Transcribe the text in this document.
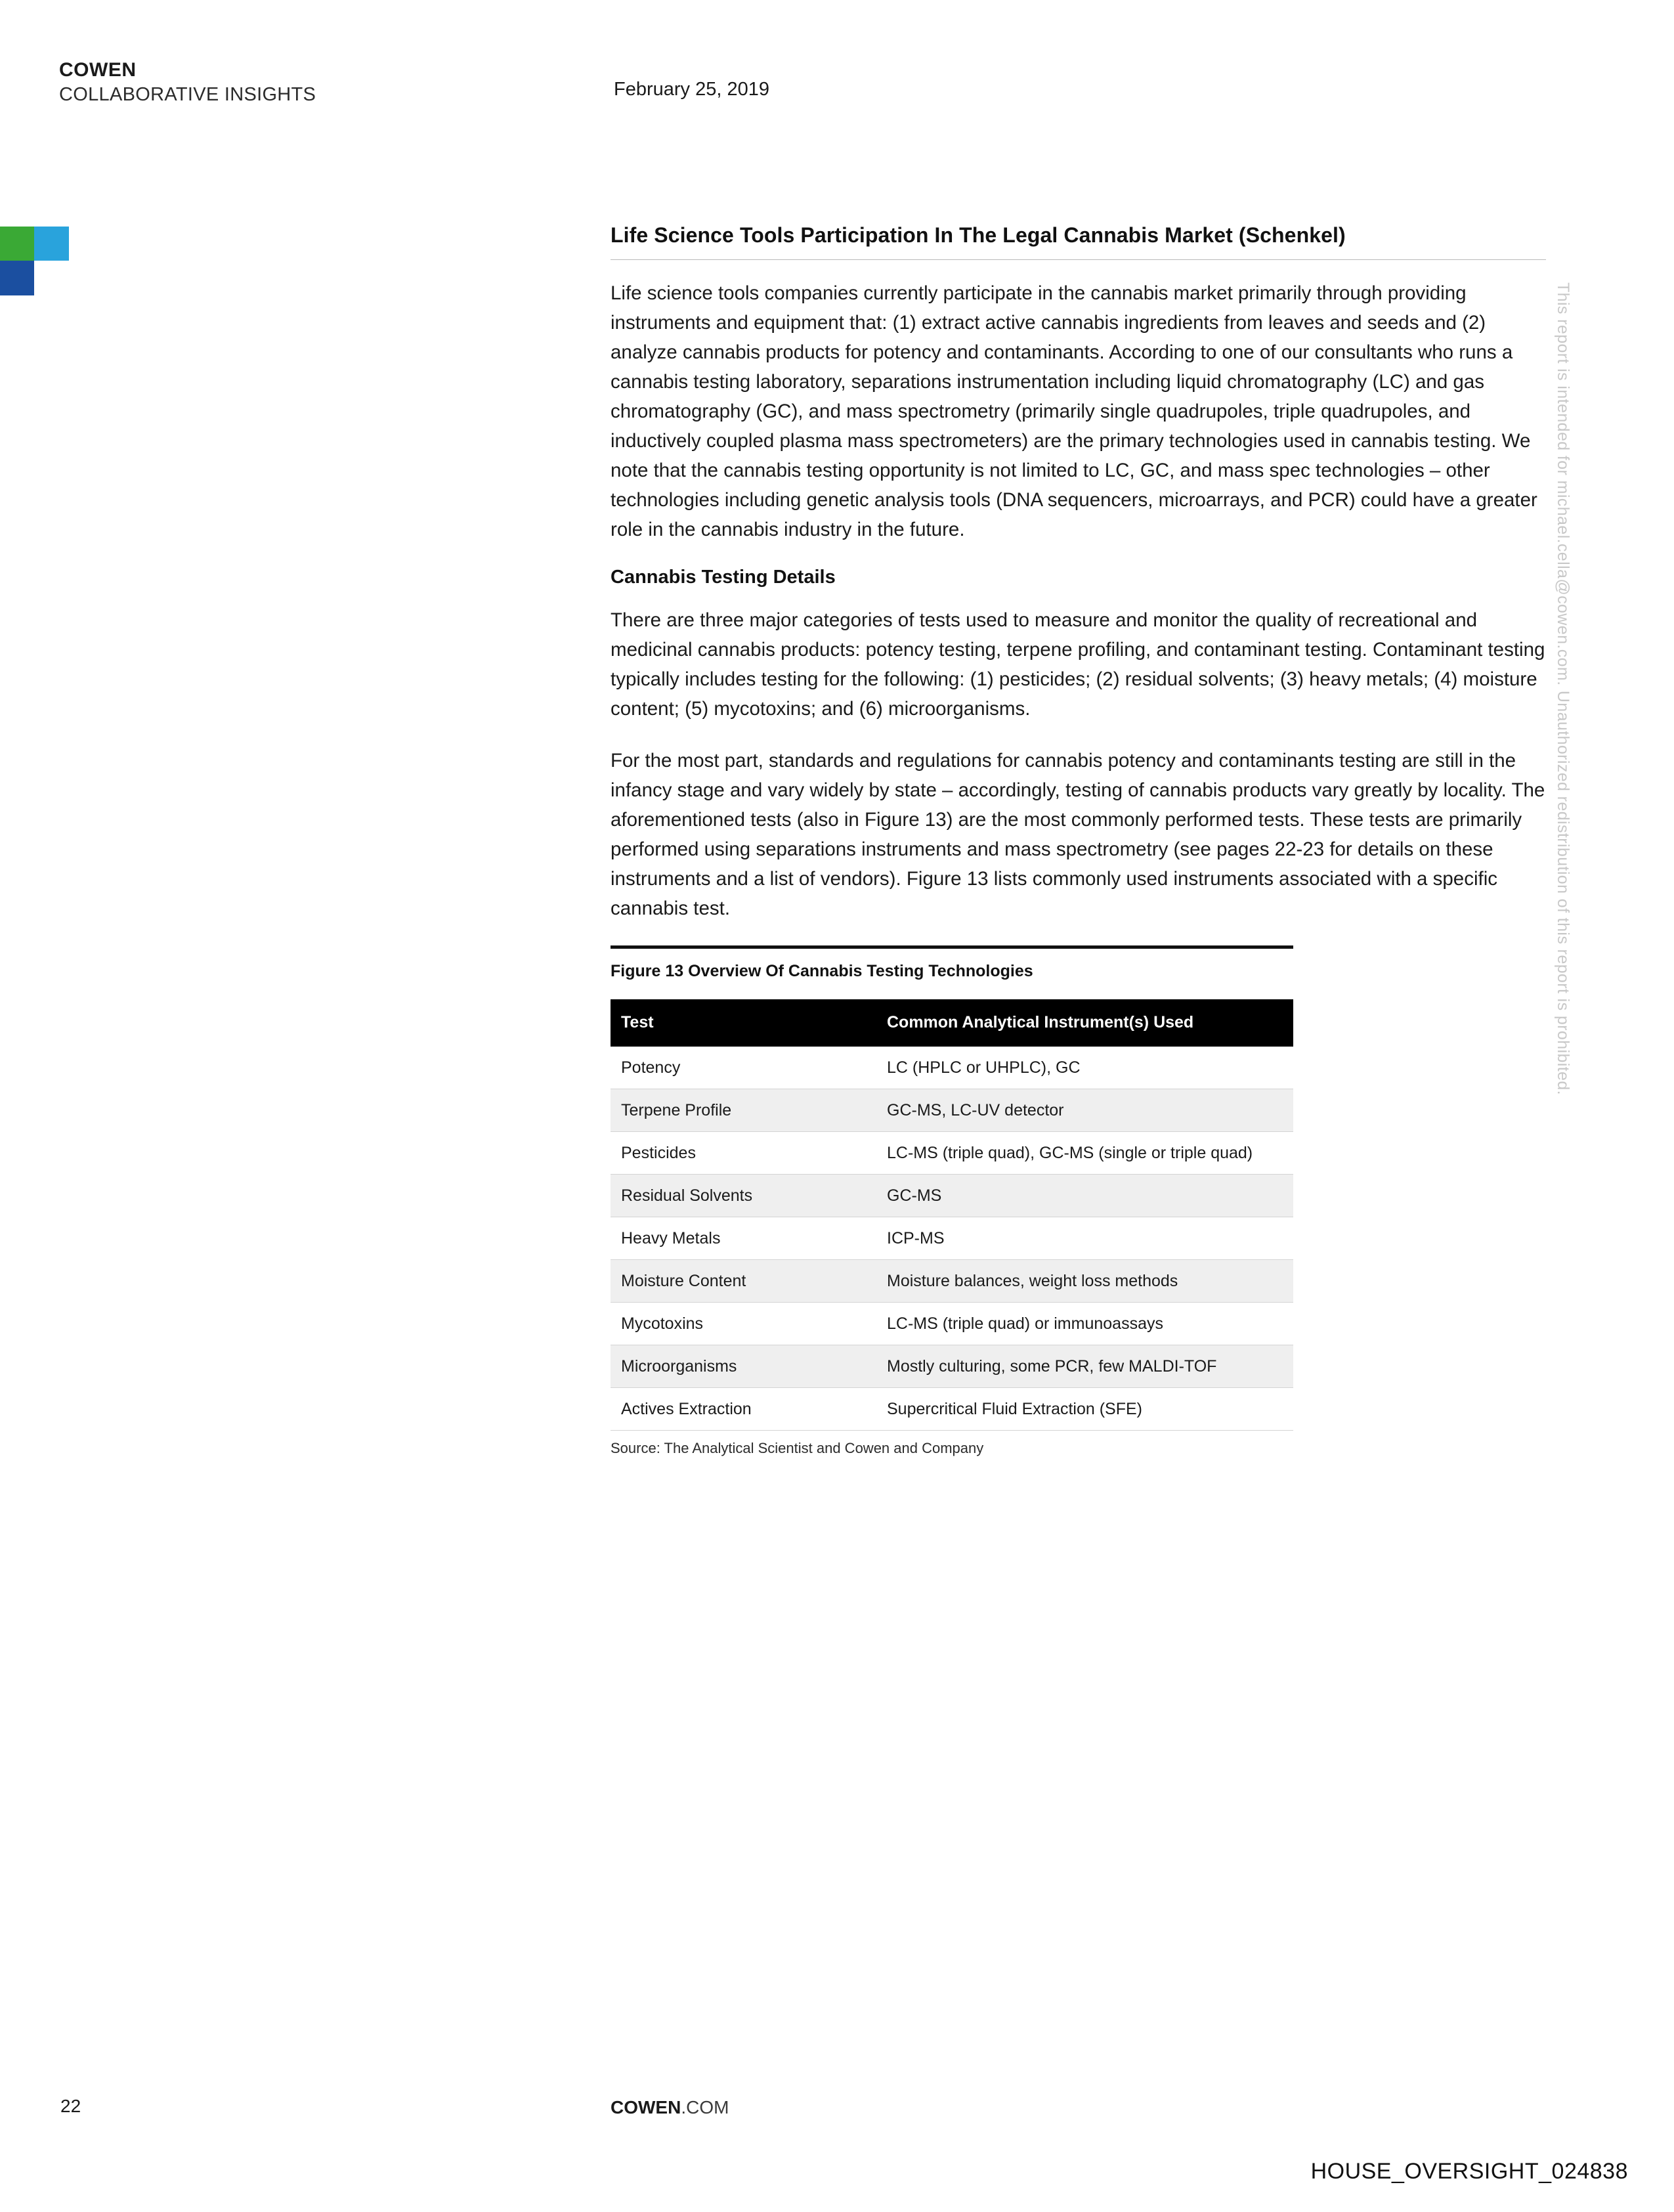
COWEN
COLLABORATIVE INSIGHTS	February 25, 2019
This report is intended for michael.cella@cowen.com. Unauthorized redistribution of this report is prohibited.
Life Science Tools Participation In The Legal Cannabis Market (Schenkel)

Life science tools companies currently participate in the cannabis market primarily through providing instruments and equipment that: (1) extract active cannabis ingredients from leaves and seeds and (2) analyze cannabis products for potency and contaminants. According to one of our consultants who runs a cannabis testing laboratory, separations instrumentation including liquid chromatography (LC) and gas chromatography (GC), and mass spectrometry (primarily single quadrupoles, triple quadrupoles, and inductively coupled plasma mass spectrometers) are the primary technologies used in cannabis testing. We note that the cannabis testing opportunity is not limited to LC, GC, and mass spec technologies – other technologies including genetic analysis tools (DNA sequencers, microarrays, and PCR) could have a greater role in the cannabis industry in the future.

Cannabis Testing Details

There are three major categories of tests used to measure and monitor the quality of recreational and medicinal cannabis products: potency testing, terpene profiling, and contaminant testing. Contaminant testing typically includes testing for the following: (1) pesticides; (2) residual solvents; (3) heavy metals; (4) moisture content; (5) mycotoxins; and (6) microorganisms.

For the most part, standards and regulations for cannabis potency and contaminants testing are still in the infancy stage and vary widely by state – accordingly, testing of cannabis products vary greatly by locality. The aforementioned tests (also in Figure 13) are the most commonly performed tests. These tests are primarily performed using separations instruments and mass spectrometry (see pages 22-23 for details on these instruments and a list of vendors). Figure 13 lists commonly used instruments associated with a specific cannabis test.

Figure 13 Overview Of Cannabis Testing Technologies
Test	Common Analytical Instrument(s) Used
Potency	LC (HPLC or UHPLC), GC
Terpene Profile	GC-MS, LC-UV detector
Pesticides	LC-MS (triple quad), GC-MS (single or triple quad)
Residual Solvents	GC-MS
Heavy Metals	ICP-MS
Moisture Content	Moisture balances, weight loss methods
Mycotoxins	LC-MS (triple quad) or immunoassays
Microorganisms	Mostly culturing, some PCR, few MALDI-TOF
Actives Extraction	Supercritical Fluid Extraction (SFE)
Source: The Analytical Scientist and Cowen and Company
22	COWEN.COM
HOUSE_OVERSIGHT_024838
